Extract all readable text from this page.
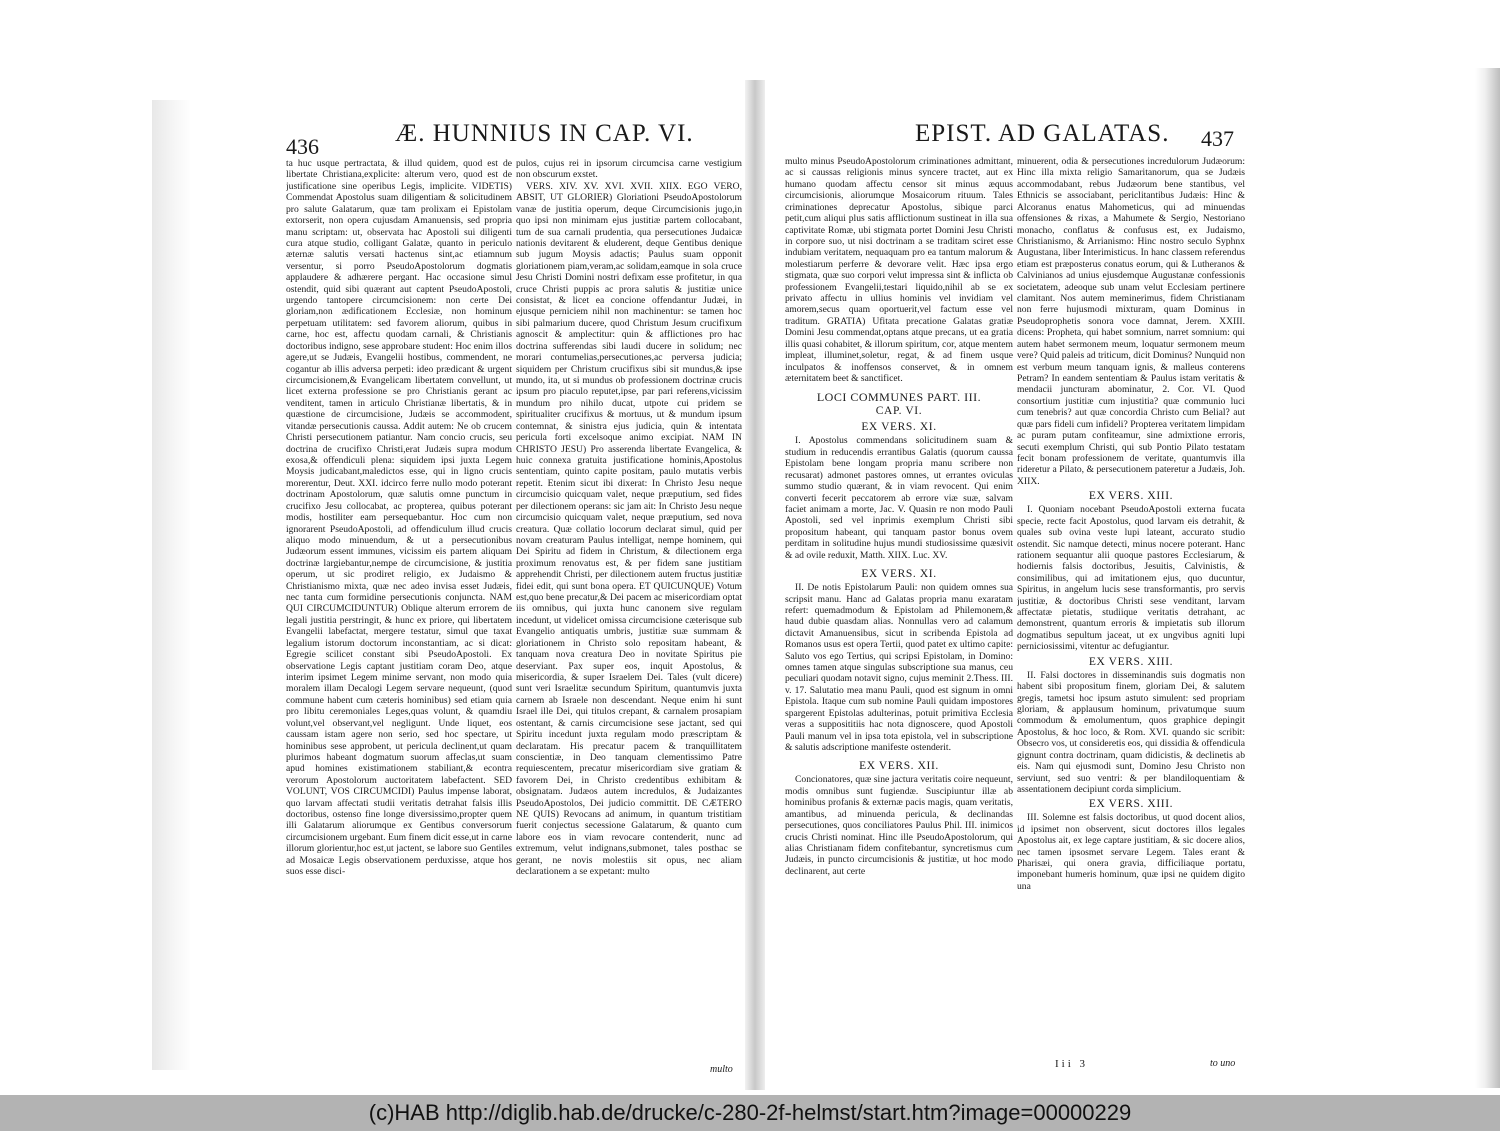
436	Æ. HUNNIUS IN CAP. VI.

ta huc usque pertractata, & illud quidem, quod est de libertate Christiana,explicite: alterum vero, quod est de justificatione sine operibus Legis, implicite. VIDETIS) Commendat Apostolus suam diligentiam & solicitudinem pro salute Galatarum, quæ tam prolixam ei Epistolam extorserit, non opera cujusdam Amanuensis, sed propria manu scriptam: ut, observata hac Apostoli sui diligenti cura atque studio, colligant Galatæ, quanto in periculo æternæ salutis versati hactenus sint,ac etiamnum versentur, si porro PseudoApostolorum dogmatis applaudere & adhærere pergant. Hac occasione simul ostendit, quid sibi quærant aut captent PseudoApostoli, urgendo tantopere circumcisionem: non certe Dei gloriam,non ædificationem Ecclesiæ, non hominum perpetuam utilitatem: sed favorem aliorum, quibus in carne, hoc est, affectu quodam carnali, & Christianis doctoribus indigno, sese approbare student: Hoc enim illos agere,ut se Judæis, Evangelii hostibus, commendent, ne cogantur ab illis adversa perpeti: ideo prædicant & urgent circumcisionem,& Evangelicam libertatem convellunt, ut licet externa professione se pro Christianis gerant ac venditent, tamen in articulo Christianæ libertatis, & in quæstione de circumcisione, Judæis se accommodent, vitandæ persecutionis caussa. Addit autem: Ne ob crucem Christi persecutionem patiantur. Nam concio crucis, seu doctrina de crucifixo Christi,erat Judæis supra modum exosa,& offendiculi plena: siquidem ipsi juxta Legem Moysis judicabant,maledictos esse, qui in ligno crucis morerentur, Deut. XXI. idcirco ferre nullo modo poterant doctrinam Apostolorum, quæ salutis omne punctum in crucifixo Jesu collocabat, ac propterea, quibus poterant modis, hostiliter eam persequebantur. Hoc cum non ignorarent PseudoApostoli, ad offendiculum illud crucis aliquo modo minuendum, & ut a persecutionibus Judæorum essent immunes, vicissim eis partem aliquam doctrinæ largiebantur,nempe de circumcisione, & justitia operum, ut sic prodiret religio, ex Judaismo & Christianismo mixta, quæ nec adeo invisa esset Judæis, nec tanta cum formidine persecutionis conjuncta. NAM QUI CIRCUMCIDUNTUR) Oblique alterum errorem de legali justitia perstringit, & hunc ex priore, qui libertatem Evangelii labefactat, mergere testatur, simul que taxat legalium istorum doctorum inconstantiam, ac si dicat: Egregie scilicet constant sibi PseudoApostoli. Ex observatione Legis captant justitiam coram Deo, atque interim ipsimet Legem minime servant, non modo quia moralem illam Decalogi Legem servare nequeunt, (quod commune habent cum cæteris hominibus) sed etiam quia pro libitu ceremoniales Leges,quas volunt, & quamdiu volunt,vel observant,vel negligunt. Unde liquet, eos caussam istam agere non serio, sed hoc spectare, ut hominibus sese approbent, ut pericula declinent,ut quam plurimos habeant dogmatum suorum affeclas,ut suam apud homines existimationem stabiliant,& econtra verorum Apostolorum auctoritatem labefactent. SED VOLUNT, VOS CIRCUMCIDI) Paulus impense laborat, quo larvam affectati studii veritatis detrahat falsis illis doctoribus, ostenso fine longe diversissimo,propter quem illi Galatarum aliorumque ex Gentibus conversorum circumcisionem urgebant. Eum finem dicit esse,ut in carne illorum glorientur,hoc est,ut jactent, se labore suo Gentiles ad Mosaicæ Legis observationem perduxisse, atque hos suos esse disci-

pulos, cujus rei in ipsorum circumcisa carne vestigium non obscurum exstet.

VERS. XIV. XV. XVI. XVII. XIIX. EGO VERO, ABSIT, UT GLORIER) Gloriationi PseudoApostolorum vanæ de justitia operum, deque Circumcisionis jugo,in quo ipsi non minimam ejus justitiæ partem collocabant, tum de sua carnali prudentia, qua persecutiones Judaicæ nationis devitarent & eluderent, deque Gentibus denique sub jugum Moysis adactis; Paulus suam opponit gloriationem piam,veram,ac solidam,eamque in sola cruce Jesu Christi Domini nostri defixam esse profitetur, in qua cruce Christi puppis ac prora salutis & justitiæ unice consistat, & licet ea concione offendantur Judæi, in ejusque perniciem nihil non machinentur: se tamen hoc sibi palmarium ducere, quod Christum Jesum crucifixum agnoscit & amplectitur: quin & afflictiones pro hac doctrina sufferendas sibi laudi ducere in solidum; nec morari contumelias,persecutiones,ac perversa judicia; siquidem per Christum crucifixus sibi sit mundus,& ipse mundo, ita, ut si mundus ob professionem doctrinæ crucis ipsum pro piaculo reputet,ipse, par pari referens,vicissim mundum pro nihilo ducat, utpote cui pridem se spiritualiter crucifixus & mortuus, ut & mundum ipsum contemnat, & sinistra ejus judicia, quin & intentata pericula forti excelsoque animo excipiat. NAM IN CHRISTO JESU) Pro asserenda libertate Evangelica, & huic connexa gratuita justificatione hominis,Apostolus sententiam, quinto capite positam, paulo mutatis verbis repetit. Etenim sicut ibi dixerat: In Christo Jesu neque circumcisio quicquam valet, neque præputium, sed fides per dilectionem operans: sic jam ait: In Christo Jesu neque circumcisio quicquam valet, neque præputium, sed nova creatura. Quæ collatio locorum declarat simul, quid per novam creaturam Paulus intelligat, nempe hominem, qui Dei Spiritu ad fidem in Christum, & dilectionem erga proximum renovatus est, & per fidem sane justitiam apprehendit Christi, per dilectionem autem fructus justitiæ fidei edit, qui sunt bona opera. ET QUICUNQUE) Votum est,quo bene precatur,& Dei pacem ac misericordiam optat iis omnibus, qui juxta hunc canonem sive regulam incedunt, ut videlicet omissa circumcisione cæterisque sub Evangelio antiquatis umbris, justitiæ suæ summam & gloriationem in Christo solo repositam habeant, & tanquam nova creatura Deo in novitate Spiritus pie deserviant. Pax super eos, inquit Apostolus, & misericordia, & super Israelem Dei. Tales (vult dicere) sunt veri Israelitæ secundum Spiritum, quantumvis juxta carnem ab Israele non descendant. Neque enim hi sunt Israel ille Dei, qui titulos crepant, & carnalem prosapiam ostentant, & carnis circumcisione sese jactant, sed qui Spiritu incedunt juxta regulam modo præscriptam & declaratam. His precatur pacem & tranquillitatem conscientiæ, in Deo tanquam clementissimo Patre requiescentem, precatur misericordiam sive gratiam & favorem Dei, in Christo credentibus exhibitam & obsignatam. Judæos autem incredulos, & Judaizantes PseudoApostolos, Dei judicio committit. DE CÆTERO NE QUIS) Revocans ad animum, in quantum tristitiam fuerit conjectus secessione Galatarum, & quanto cum labore eos in viam revocare contenderit, nunc ad extremum, velut indignans,submonet, tales posthac se gerant, ne novis molestiis sit opus, nec aliam declarationem a se expetant: multo

multo
EPIST. AD GALATAS. 437

multo minus PseudoApostolorum criminationes admittant, ac si caussas religionis minus syncere tractet, aut ex humano quodam affectu censor sit minus æquus circumcisionis, aliorumque Mosaicorum rituum. Tales criminationes deprecatur Apostolus, sibique parci petit,cum aliqui plus satis afflictionum sustineat in illa sua captivitate Romæ, ubi stigmata portet Domini Jesu Christi in corpore suo, ut nisi doctrinam a se traditam sciret esse indubiam veritatem, nequaquam pro ea tantum malorum & molestiarum perferre & devorare velit. Hæc ipsa ergo stigmata, quæ suo corpori velut impressa sint & inflicta ob professionem Evangelii,testari liquido,nihil ab se ex privato affectu in ullius hominis vel invidiam vel amorem,secus quam oportuerit,vel factum esse vel traditum. GRATIA) Ufitata precatione Galatas gratiæ Domini Jesu commendat,optans atque precans, ut ea gratia illis quasi cohabitet, & illorum spiritum, cor, atque mentem impleat, illuminet,soletur, regat, & ad finem usque inculpatos & inoffensos conservet, & in omnem æternitatem beet & sanctificet.

LOCI COMMUNES PART. III.
CAP. VI.
EX VERS. XI.

I. Apostolus commendans solicitudinem suam & studium in reducendis errantibus Galatis (quorum caussa Epistolam bene longam propria manu scribere non recusarat) admonet pastores omnes, ut errantes oviculas summo studio quærant, & in viam revocent. Qui enim converti fecerit peccatorem ab errore viæ suæ, salvam faciet animam a morte, Jac. V. Quasin re non modo Pauli Apostoli, sed vel inprimis exemplum Christi sibi propositum habeant, qui tanquam pastor bonus ovem perditam in solitudine hujus mundi studiosissime quæsivit & ad ovile reduxit, Matth. XIIX. Luc. XV.

EX VERS. XI.

II. De notis Epistolarum Pauli: non quidem omnes sua scripsit manu. Hanc ad Galatas propria manu exaratam refert: quemadmodum & Epistolam ad Philemonem,& haud dubie quasdam alias. Nonnullas vero ad calamum dictavit Amanuensibus, sicut in scribenda Epistola ad Romanos usus est opera Tertii, quod patet ex ultimo capite: Saluto vos ego Tertius, qui scripsi Epistolam, in Domino: omnes tamen atque singulas subscriptione sua manus, ceu peculiari quodam notavit signo, cujus meminit 2.Thess. III. v. 17. Salutatio mea manu Pauli, quod est signum in omni Epistola. Itaque cum sub nomine Pauli quidam impostores spargerent Epistolas adulterinas, potuit primitiva Ecclesia veras a supposititiis hac nota dignoscere, quod Apostoli Pauli manum vel in ipsa tota epistola, vel in subscriptione & salutis adscriptione manifeste ostenderit.

EX VERS. XII.

Concionatores, quæ sine jactura veritatis coire nequeunt, modis omnibus sunt fugiendæ. Suscipiuntur illæ ab hominibus profanis & externæ pacis magis, quam veritatis, amantibus, ad minuenda pericula, & declinandas persecutiones, quos conciliatores Paulus Phil. III. inimicos crucis Christi nominat. Hinc ille PseudoApostolorum, qui alias Christianam fidem confitebantur, syncretismus cum Judæis, in puncto circumcisionis & justitiæ, ut hoc modo declinarent, aut certe

minuerent, odia & persecutiones incredulorum Judæorum: Hinc illa mixta religio Samaritanorum, qua se Judæis accommodabant, rebus Judæorum bene stantibus, vel Ethnicis se associabant, periclitantibus Judæis: Hinc & Alcoranus enatus Mahometicus, qui ad minuendas offensiones & rixas, a Mahumete & Sergio, Nestoriano monacho, conflatus & confusus est, ex Judaismo, Christianismo, & Arrianismo: Hinc nostro seculo Syphnx Augustana, liber Interimisticus. In hanc classem referendus etiam est præposterus conatus eorum, qui & Lutheranos & Calvinianos ad unius ejusdemque Augustanæ confessionis societatem, adeoque sub unam velut Ecclesiam pertinere clamitant. Nos autem meminerimus, fidem Christianam non ferre hujusmodi mixturam, quam Dominus in Pseudoprophetis sonora voce damnat, Jerem. XXIII. dicens: Propheta, qui habet somnium, narret somnium: qui autem habet sermonem meum, loquatur sermonem meum vere? Quid paleis ad triticum, dicit Dominus? Nunquid non est verbum meum tanquam ignis, & malleus conterens Petram? In eandem sententiam & Paulus istam veritatis & mendacii juncturam abominatur, 2. Cor. VI. Quod consortium justitiæ cum injustitia? quæ communio luci cum tenebris? aut quæ concordia Christo cum Belial? aut quæ pars fideli cum infideli? Propterea veritatem limpidam ac puram putam confiteamur, sine admixtione erroris, secuti exemplum Christi, qui sub Pontio Pilato testatam fecit bonam professionem de veritate, quantumvis illa rideretur a Pilato, & persecutionem pateretur a Judæis, Joh. XIIX.

EX VERS. XIII.

I. Quoniam nocebant PseudoApostoli externa fucata specie, recte facit Apostolus, quod larvam eis detrahit, & quales sub ovina veste lupi lateant, accurato studio ostendit. Sic namque detecti, minus nocere poterant. Hanc rationem sequantur alii quoque pastores Ecclesiarum, & hodiernis falsis doctoribus, Jesuitis, Calvinistis, & consimilibus, qui ad imitationem ejus, quo ducuntur, Spiritus, in angelum lucis sese transformantis, pro servis justitiæ, & doctoribus Christi sese venditant, larvam affectatæ pietatis, studiique veritatis detrahant, ac demonstrent, quantum erroris & impietatis sub illorum dogmatibus sepultum jaceat, ut ex ungvibus agniti lupi perniciosissimi, vitentur ac defugiantur.

EX VERS. XIII.

II. Falsi doctores in disseminandis suis dogmatis non habent sibi propositum finem, gloriam Dei, & salutem gregis, tametsi hoc ipsum astuto simulent: sed propriam gloriam, & applausum hominum, privatumque suum commodum & emolumentum, quos graphice depingit Apostolus, & hoc loco, & Rom. XVI. quando sic scribit: Obsecro vos, ut consideretis eos, qui dissidia & offendicula gignunt contra doctrinam, quam didicistis, & declinetis ab eis. Nam qui ejusmodi sunt, Domino Jesu Christo non serviunt, sed suo ventri: & per blandiloquentiam & assentationem decipiunt corda simplicium.

EX VERS. XIII.

III. Solemne est falsis doctoribus, ut quod docent alios, id ipsimet non observent, sicut doctores illos legales Apostolus ait, ex lege captare justitiam, & sic docere alios, nec tamen ipsosmet servare Legem. Tales erant & Pharisæi, qui onera gravia, difficiliaque portatu, imponebant humeris hominum, quæ ipsi ne quidem digito una

Iii 3	to uno
(c)HAB http://diglib.hab.de/drucke/c-280-2f-helmst/start.htm?image=00000229
